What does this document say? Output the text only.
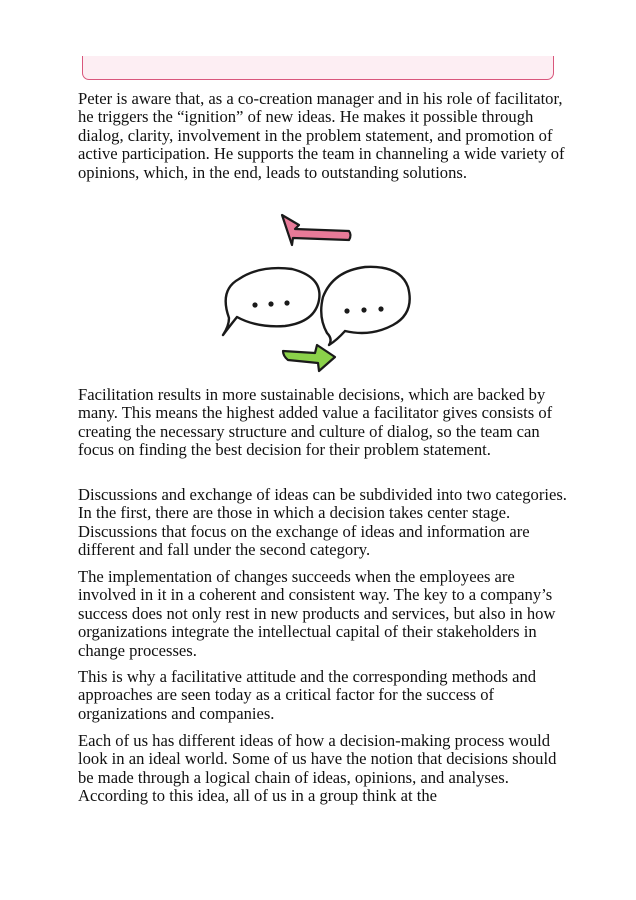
Peter is aware that, as a co-creation manager and in his role of facilitator, he triggers the “ignition” of new ideas. He makes it possible through dialog, clarity, involvement in the problem statement, and promotion of active participation. He supports the team in channeling a wide variety of opinions, which, in the end, leads to outstanding solutions.

Facilitation results in more sustainable decisions, which are backed by many. This means the highest added value a facilitator gives consists of creating the necessary structure and culture of dialog, so the team can focus on finding the best decision for their problem statement.

Discussions and exchange of ideas can be subdivided into two categories. In the first, there are those in which a decision takes center stage. Discussions that focus on the exchange of ideas and information are different and fall under the second category.

The implementation of changes succeeds when the employees are involved in it in a coherent and consistent way. The key to a company’s success does not only rest in new products and services, but also in how organizations integrate the intellectual capital of their stakeholders in change processes.

This is why a facilitative attitude and the corresponding methods and approaches are seen today as a critical factor for the success of organizations and companies.

Each of us has different ideas of how a decision-making process would look in an ideal world. Some of us have the notion that decisions should be made through a logical chain of ideas, opinions, and analyses. According to this idea, all of us in a group think at the
